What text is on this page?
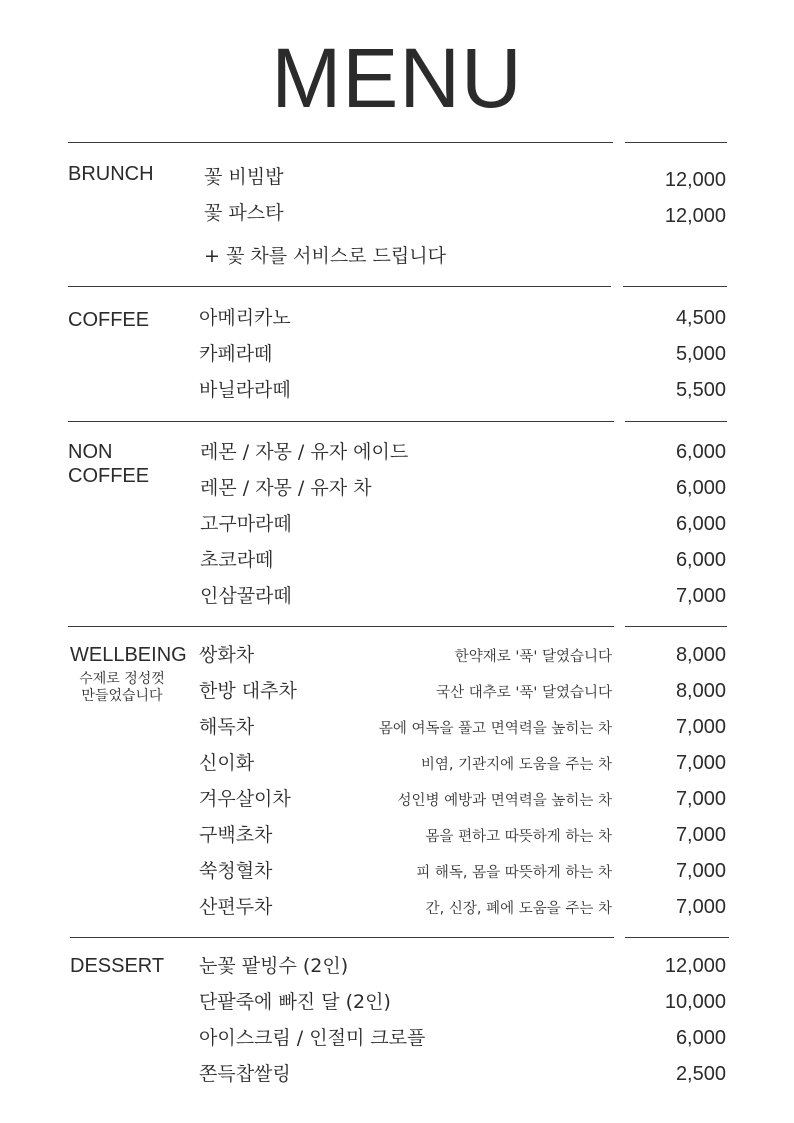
MENU
BRUNCH	꽃 비빔밥	12,000
꽃 파스타	12,000
+ 꽃 차를 서비스로 드립니다
COFFEE	아메리카노	4,500
카페라떼	5,000
바닐라라떼	5,500
NON
COFFEE
레몬 / 자몽 / 유자 에이드	6,000
레몬 / 자몽 / 유자 차	6,000
고구마라떼	6,000
초코라떼	6,000
인삼꿀라떼	7,000
WELLBEING
수제로 정성껏
만들었습니다
쌍화차	한약재로 '푹' 달였습니다	8,000
한방 대추차	국산 대추로 '푹' 달였습니다	8,000
해독차	몸에 여독을 풀고 면역력을 높히는 차	7,000
신이화	비염, 기관지에 도움을 주는 차	7,000
겨우살이차	성인병 예방과 면역력을 높히는 차	7,000
구백초차	몸을 편하고 따뜻하게 하는 차	7,000
쑥청혈차	피 해독, 몸을 따뜻하게 하는 차	7,000
산편두차	간, 신장, 폐에 도움을 주는 차	7,000
DESSERT 눈꽃 팥빙수 (2인)	12,000
단팥죽에 빠진 달 (2인)	10,000
아이스크림 / 인절미 크로플	6,000
쫀득찹쌀링	2,500
